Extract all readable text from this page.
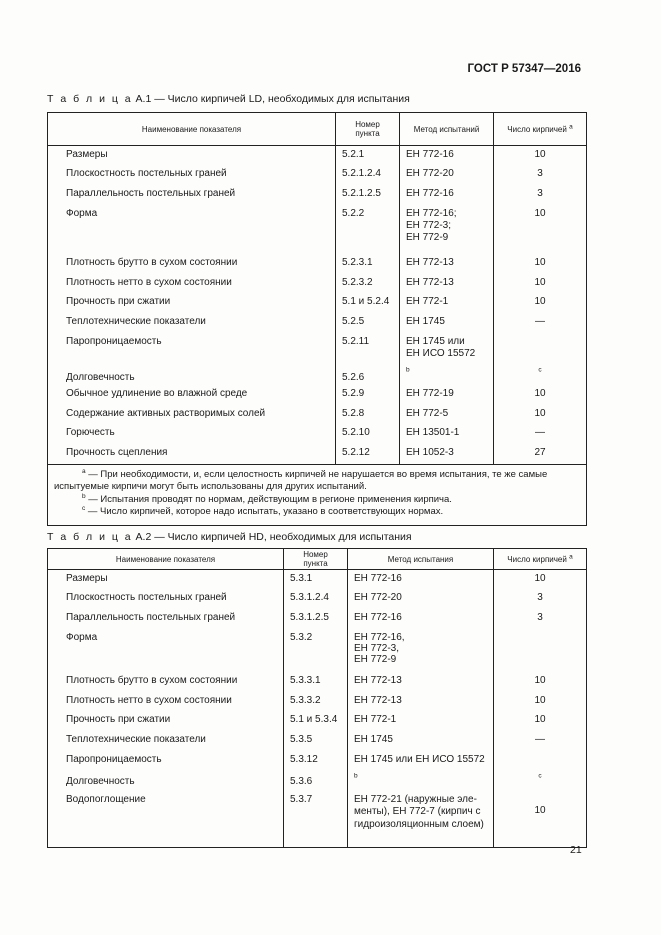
ГОСТ Р 57347—2016
Т а б л и ц а А.1 — Число кирпичей LD, необходимых для испытания
Наименование показателя	Номер пункта	Метод испытаний	Число кирпичей $^a$
Размеры	5.2.1	ЕН 772-16	10
Плоскостность постельных граней	5.2.1.2.4	ЕН 772-20	3
Параллельность постельных граней	5.2.1.2.5	ЕН 772-16	3
Форма	5.2.2	ЕН 772-16;
ЕН 772-3;
ЕН 772-9	10
Плотность брутто в сухом состоянии	5.2.3.1	ЕН 772-13	10
Плотность нетто в сухом состоянии	5.2.3.2	ЕН 772-13	10
Прочность при сжатии	5.1 и 5.2.4	ЕН 772-1	10
Теплотехнические показатели	5.2.5	ЕН 1745	—
Паропроницаемость	5.2.11	ЕН 1745 или
ЕН ИСО 15572	

Долговечность	5.2.6	$^b$	$^c$
Обычное удлинение во влажной среде	5.2.9	ЕН 772-19	10
Содержание активных растворимых солей	5.2.8	ЕН 772-5	10
Горючесть	5.2.10	ЕН 13501-1	—
Прочность сцепления	5.2.12	ЕН 1052-3	27

$^a$ — При необходимости, и, если целостность кирпичей не нарушается во время испытания, те же самые

испытуемые кирпичи могут быть использованы для других испытаний.

$^b$ — Испытания проводят по нормам, действующим в регионе применения кирпича.

$^c$ — Число кирпичей, которое надо испытать, указано в соответствующих нормах.			

Т а б л и ц а А.2 — Число кирпичей HD, необходимых для испытания
Наименование показателя	Номер пункта	Метод испытания	Число кирпичей $^a$
Размеры	5.3.1	ЕН 772-16	10
Плоскостность постельных граней	5.3.1.2.4	ЕН 772-20	3
Параллельность постельных граней	5.3.1.2.5	ЕН 772-16	3
Форма	5.3.2	ЕН 772-16,
ЕН 772-3,
ЕН 772-9	

Плотность брутто в сухом состоянии	5.3.3.1	ЕН 772-13	10
Плотность нетто в сухом состоянии	5.3.3.2	ЕН 772-13	10
Прочность при сжатии	5.1 и 5.3.4	ЕН 772-1	10
Теплотехнические показатели	5.3.5	ЕН 1745	—
Паропроницаемость	5.3.12	ЕН 1745 или ЕН ИСО 15572	
Долговечность	5.3.6	$^b$	$^c$
Водопоглощение	5.3.7	ЕН 772-21 (наружные эле-
менты), ЕН 772-7 (кирпич с
гидроизоляционным слоем)	10
21
